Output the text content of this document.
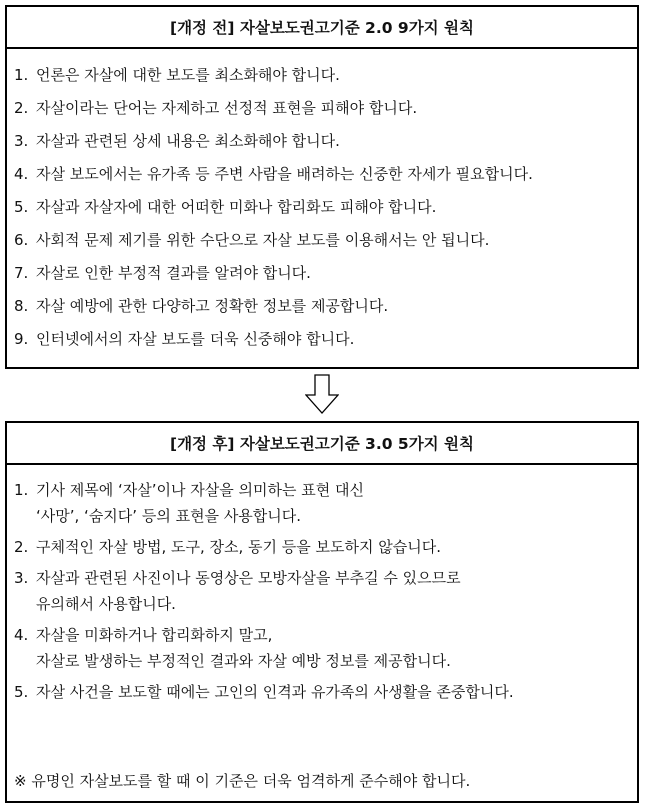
[개정 전] 자살보도권고기준 2.0 9가지 원칙
1. 언론은 자살에 대한 보도를 최소화해야 합니다.
2. 자살이라는 단어는 자제하고 선정적 표현을 피해야 합니다.
3. 자살과 관련된 상세 내용은 최소화해야 합니다.
4. 자살 보도에서는 유가족 등 주변 사람을 배려하는 신중한 자세가 필요합니다.
5. 자살과 자살자에 대한 어떠한 미화나 합리화도 피해야 합니다.
6. 사회적 문제 제기를 위한 수단으로 자살 보도를 이용해서는 안 됩니다.
7. 자살로 인한 부정적 결과를 알려야 합니다.
8. 자살 예방에 관한 다양하고 정확한 정보를 제공합니다.
9. 인터넷에서의 자살 보도를 더욱 신중해야 합니다.
[개정 후] 자살보도권고기준 3.0 5가지 원칙
1. 기사 제목에 ‘자살’이나 자살을 의미하는 표현 대신
‘사망’, ‘숨지다’ 등의 표현을 사용합니다.
2. 구체적인 자살 방법, 도구, 장소, 동기 등을 보도하지 않습니다.
3. 자살과 관련된 사진이나 동영상은 모방자살을 부추길 수 있으므로
유의해서 사용합니다.
4. 자살을 미화하거나 합리화하지 말고,
자살로 발생하는 부정적인 결과와 자살 예방 정보를 제공합니다.
5. 자살 사건을 보도할 때에는 고인의 인격과 유가족의 사생활을 존중합니다.
※ 유명인 자살보도를 할 때 이 기준은 더욱 엄격하게 준수해야 합니다.
